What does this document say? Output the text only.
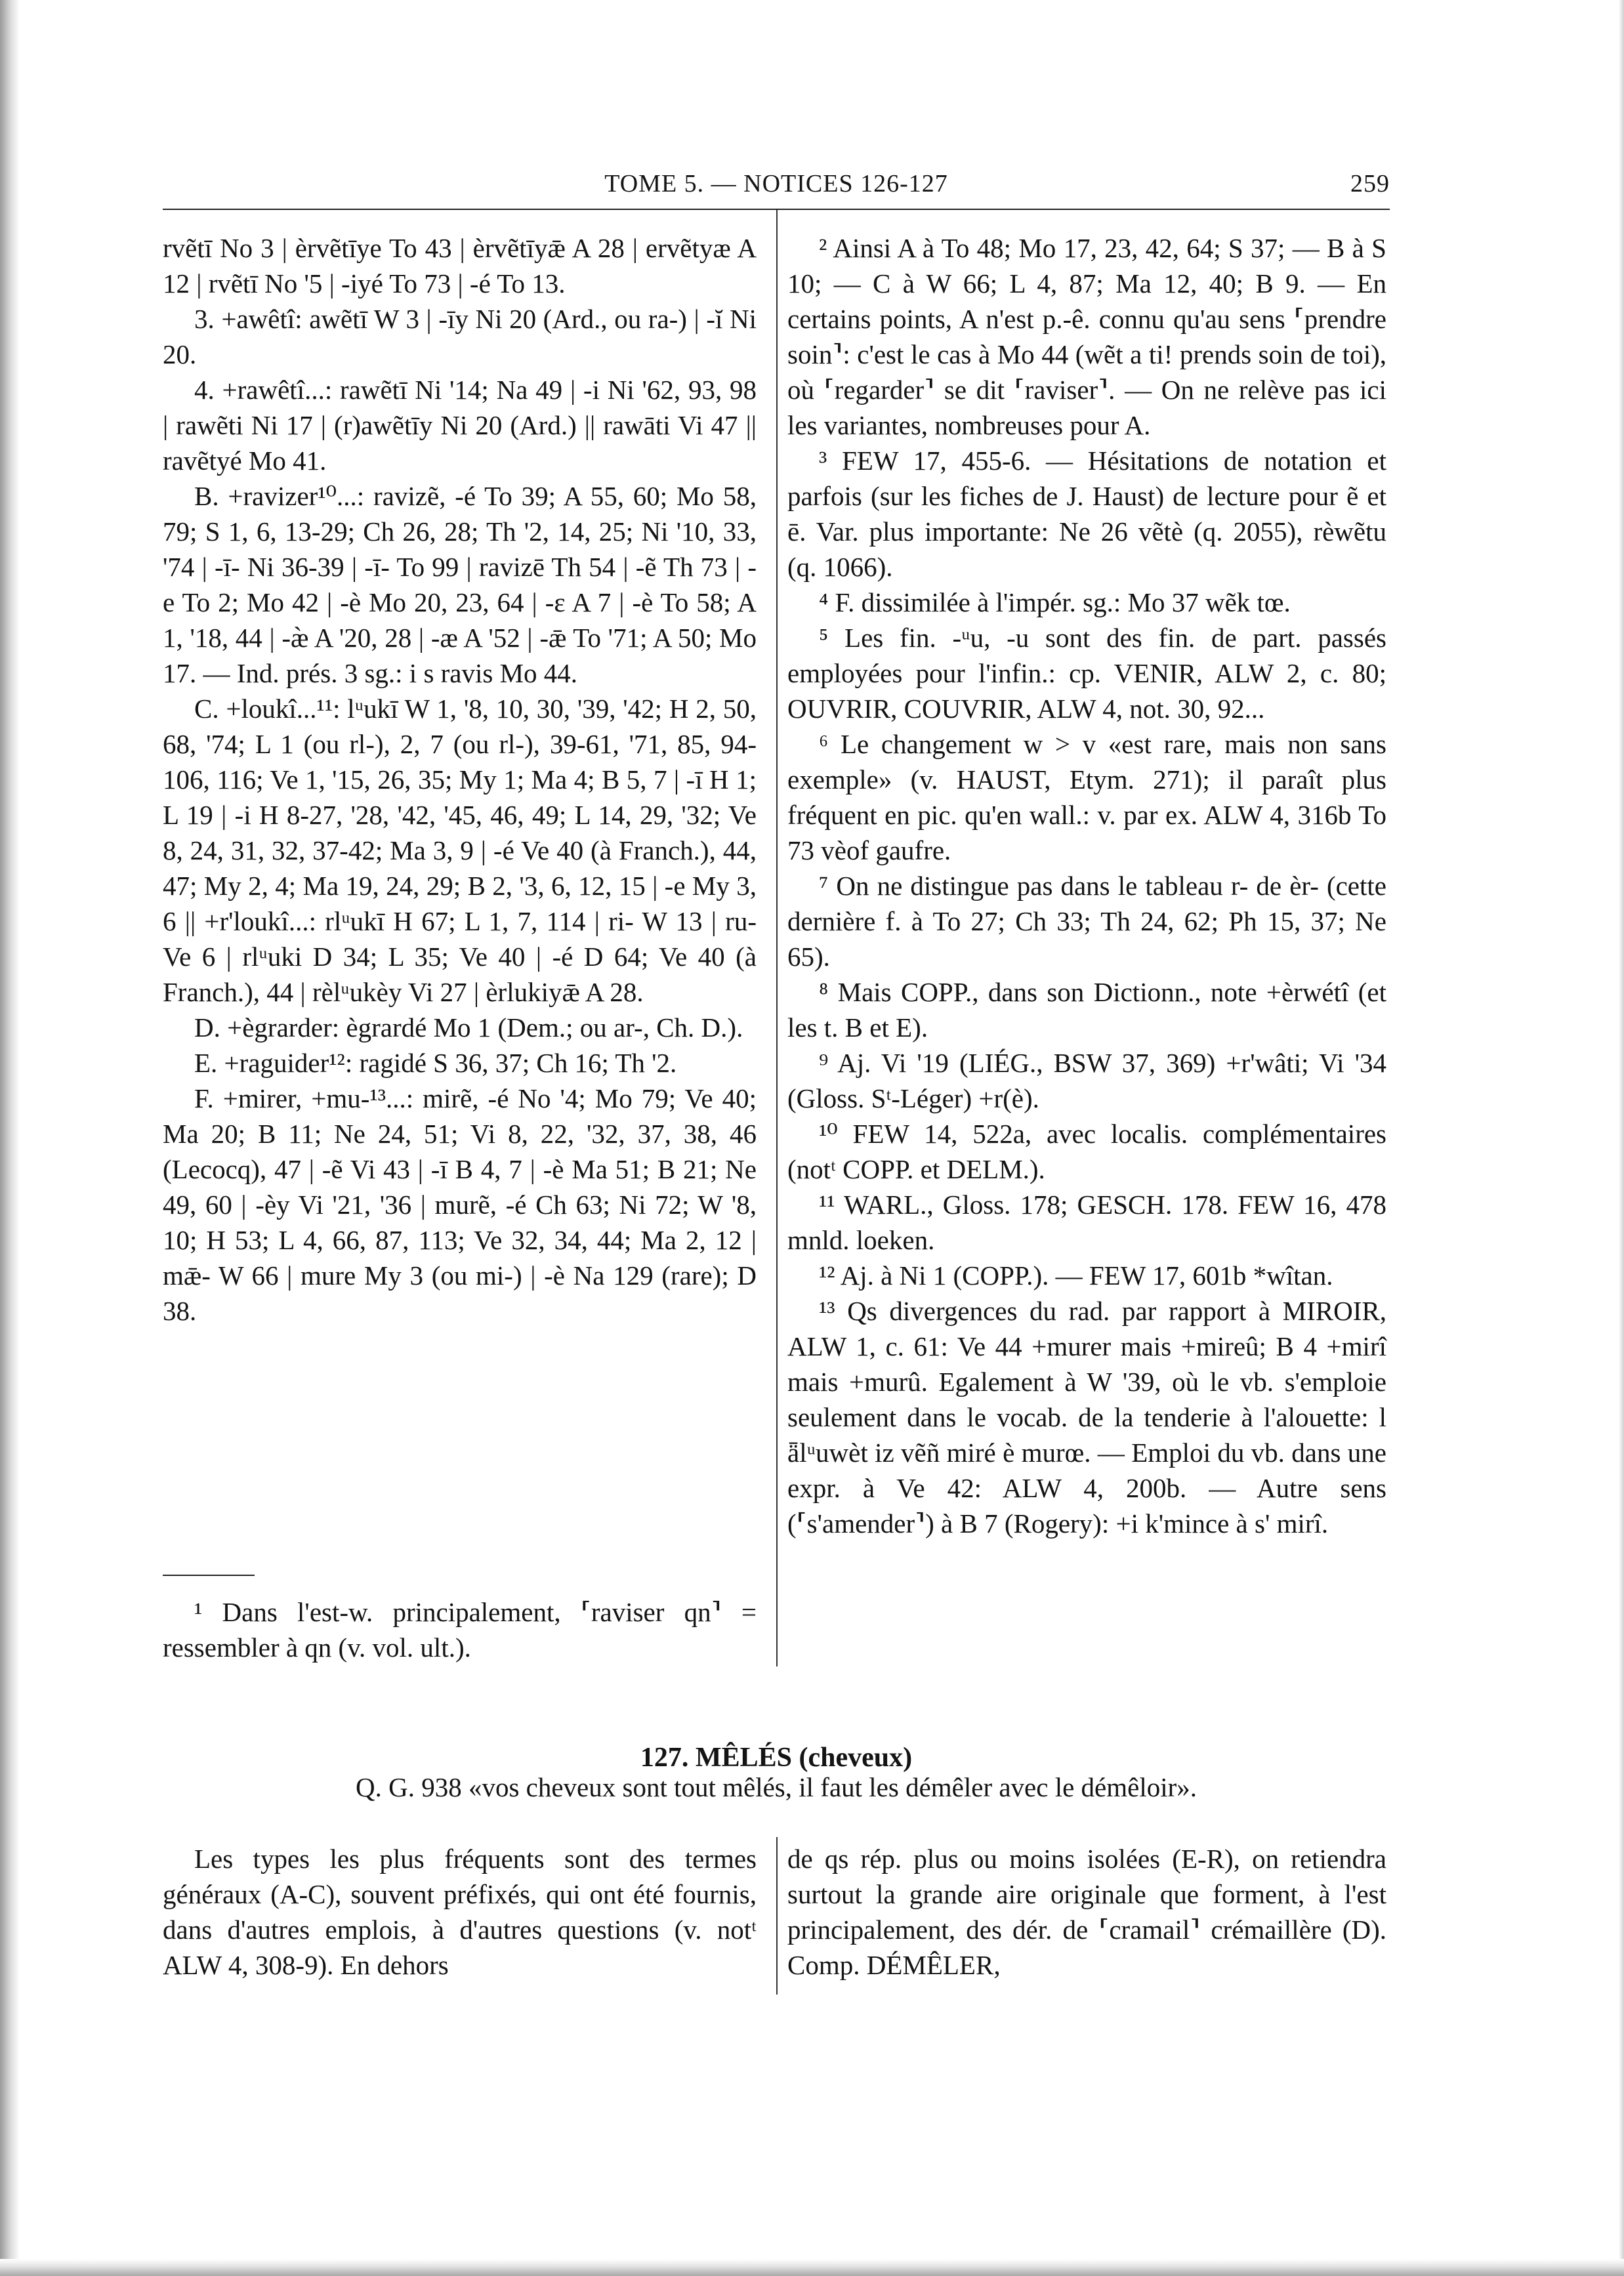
TOME 5. — NOTICES 126-127	259

rvẽtī No 3 | èrvẽtīye To 43 | èrvẽtīyǣ A 28 | ervẽtyæ A 12 | rvẽtī No '5 | -iyé To 73 | -é To 13.

3. +awêtî: awẽtī W 3 | -īy Ni 20 (Ard., ou ra-) | -ĭ Ni 20.

4. +rawêtî...: rawẽtī Ni '14; Na 49 | -i Ni '62, 93, 98 | rawẽti Ni 17 | (r)awẽtīy Ni 20 (Ard.) || rawāti Vi 47 || ravẽtyé Mo 41.

B. +ravizer¹⁰...: ravizẽ, -é To 39; A 55, 60; Mo 58, 79; S 1, 6, 13-29; Ch 26, 28; Th '2, 14, 25; Ni '10, 33, '74 | -ī- Ni 36-39 | -ī- To 99 | ravizē Th 54 | -ẽ Th 73 | -e To 2; Mo 42 | -è Mo 20, 23, 64 | -ɛ A 7 | -è To 58; A 1, '18, 44 | -æ̀ A '20, 28 | -æ A '52 | -ǣ To '71; A 50; Mo 17. — Ind. prés. 3 sg.: i s ravis Mo 44.

C. +loukî...¹¹: lᵘukī W 1, '8, 10, 30, '39, '42; H 2, 50, 68, '74; L 1 (ou rl-), 2, 7 (ou rl-), 39-61, '71, 85, 94-106, 116; Ve 1, '15, 26, 35; My 1; Ma 4; B 5, 7 | -ī H 1; L 19 | -i H 8-27, '28, '42, '45, 46, 49; L 14, 29, '32; Ve 8, 24, 31, 32, 37-42; Ma 3, 9 | -é Ve 40 (à Franch.), 44, 47; My 2, 4; Ma 19, 24, 29; B 2, '3, 6, 12, 15 | -e My 3, 6 || +r'loukî...: rlᵘukī H 67; L 1, 7, 114 | ri- W 13 | ru- Ve 6 | rlᵘuki D 34; L 35; Ve 40 | -é D 64; Ve 40 (à Franch.), 44 | rèlᵘukèy Vi 27 | èrlukiyǣ A 28.

D. +ègrarder: ègrardé Mo 1 (Dem.; ou ar-, Ch. D.).

E. +raguider¹²: ragidé S 36, 37; Ch 16; Th '2.

F. +mirer, +mu-¹³...: mirẽ, -é No '4; Mo 79; Ve 40; Ma 20; B 11; Ne 24, 51; Vi 8, 22, '32, 37, 38, 46 (Lecocq), 47 | -ẽ Vi 43 | -ī B 4, 7 | -è Ma 51; B 21; Ne 49, 60 | -èy Vi '21, '36 | murẽ, -é Ch 63; Ni 72; W '8, 10; H 53; L 4, 66, 87, 113; Ve 32, 34, 44; Ma 2, 12 | mǣ- W 66 | mure My 3 (ou mi-) | -è Na 129 (rare); D 38.

¹ Dans l'est-w. principalement, ⸢raviser qn⸣ = ressembler à qn (v. vol. ult.).

² Ainsi A à To 48; Mo 17, 23, 42, 64; S 37; — B à S 10; — C à W 66; L 4, 87; Ma 12, 40; B 9. — En certains points, A n'est p.-ê. connu qu'au sens ⸢prendre soin⸣: c'est le cas à Mo 44 (wẽt a ti! prends soin de toi), où ⸢regarder⸣ se dit ⸢raviser⸣. — On ne relève pas ici les variantes, nombreuses pour A.

³ FEW 17, 455-6. — Hésitations de notation et parfois (sur les fiches de J. Haust) de lecture pour ẽ et ē. Var. plus importante: Ne 26 vẽtè (q. 2055), rèwẽtu (q. 1066).

⁴ F. dissimilée à l'impér. sg.: Mo 37 wẽk tœ.

⁵ Les fin. -ᵘu, -u sont des fin. de part. passés employées pour l'infin.: cp. VENIR, ALW 2, c. 80; OUVRIR, COUVRIR, ALW 4, not. 30, 92...

⁶ Le changement w > v «est rare, mais non sans exemple» (v. HAUST, Etym. 271); il paraît plus fréquent en pic. qu'en wall.: v. par ex. ALW 4, 316b To 73 vèof gaufre.

⁷ On ne distingue pas dans le tableau r- de èr- (cette dernière f. à To 27; Ch 33; Th 24, 62; Ph 15, 37; Ne 65).

⁸ Mais COPP., dans son Dictionn., note +èrwétî (et les t. B et E).

⁹ Aj. Vi '19 (LIÉG., BSW 37, 369) +r'wâti; Vi '34 (Gloss. Sᵗ-Léger) +r(è).

¹⁰ FEW 14, 522a, avec localis. complémentaires (notᵗ COPP. et DELM.).

¹¹ WARL., Gloss. 178; GESCH. 178. FEW 16, 478 mnld. loeken.

¹² Aj. à Ni 1 (COPP.). — FEW 17, 601b *wîtan.

¹³ Qs divergences du rad. par rapport à MIROIR, ALW 1, c. 61: Ve 44 +murer mais +mireû; B 4 +mirî mais +murû. Egalement à W '39, où le vb. s'emploie seulement dans le vocab. de la tenderie à l'alouette: l ǟlᵘuwèt iz vẽñ miré è murœ. — Emploi du vb. dans une expr. à Ve 42: ALW 4, 200b. — Autre sens (⸢s'amender⸣) à B 7 (Rogery): +i k'mince à s' mirî.

127. MÊLÉS (cheveux)
Q. G. 938 «vos cheveux sont tout mêlés, il faut les démêler avec le démêloir».

Les types les plus fréquents sont des termes généraux (A-C), souvent préfixés, qui ont été fournis, dans d'autres emplois, à d'autres questions (v. notᵗ ALW 4, 308-9). En dehors

de qs rép. plus ou moins isolées (E-R), on retiendra surtout la grande aire originale que forment, à l'est principalement, des dér. de ⸢cramail⸣ crémaillère (D). Comp. DÉMÊLER,
